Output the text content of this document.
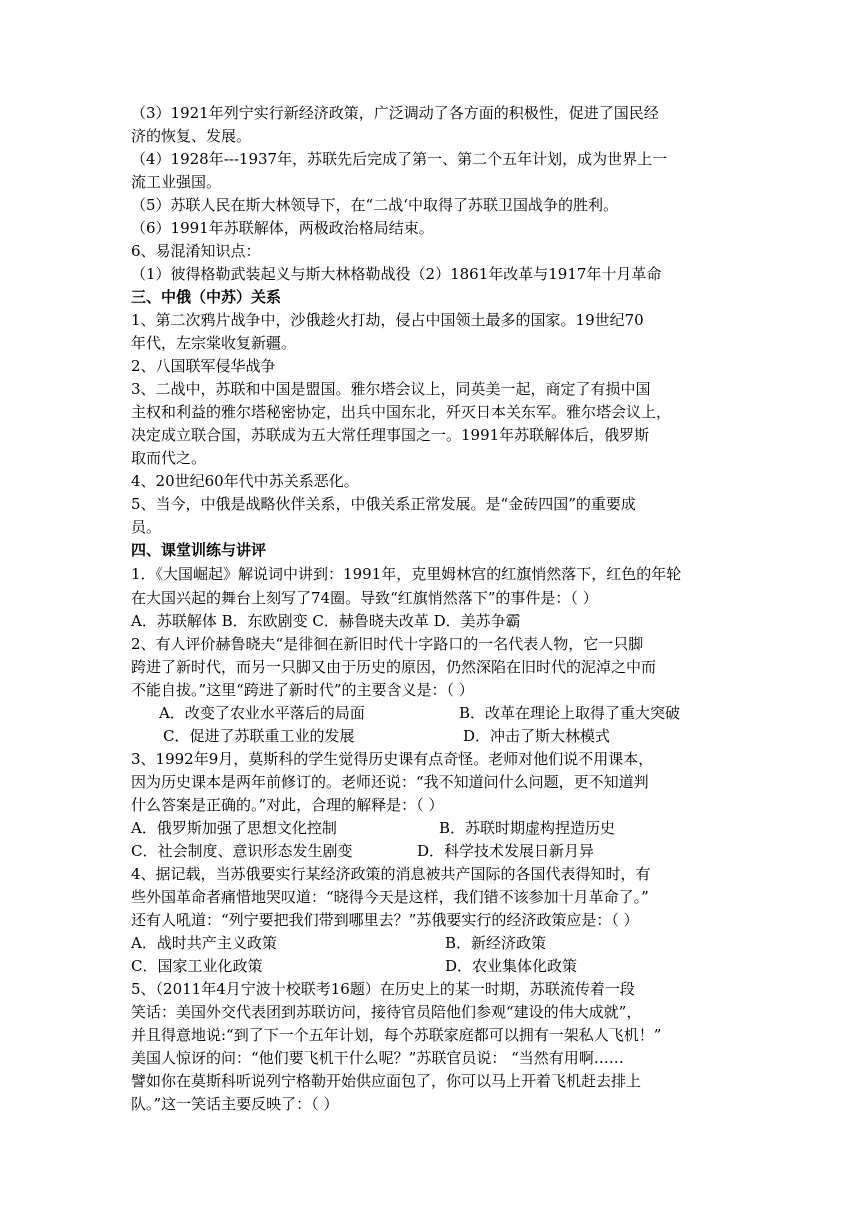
（3）1921年列宁实行新经济政策，广泛调动了各方面的积极性，促进了国民经
济的恢复、发展。
（4）1928年---1937年，苏联先后完成了第一、第二个五年计划，成为世界上一
流工业强国。
（5）苏联人民在斯大林领导下，在“二战‘中取得了苏联卫国战争的胜利。
（6）1991年苏联解体，两极政治格局结束。
6、易混淆知识点：
（1）彼得格勒武装起义与斯大林格勒战役（2）1861年改革与1917年十月革命
三、中俄（中苏）关系
1、第二次鸦片战争中，沙俄趁火打劫，侵占中国领土最多的国家。19世纪70
年代，左宗棠收复新疆。
2、八国联军侵华战争
3、二战中，苏联和中国是盟国。雅尔塔会议上，同英美一起，商定了有损中国
主权和利益的雅尔塔秘密协定，出兵中国东北，歼灭日本关东军。雅尔塔会议上，
决定成立联合国，苏联成为五大常任理事国之一。1991年苏联解体后，俄罗斯
取而代之。
4、20世纪60年代中苏关系恶化。
5、当今，中俄是战略伙伴关系，中俄关系正常发展。是“金砖四国”的重要成
员。
四、课堂训练与讲评
1．《大国崛起》解说词中讲到：1991年，克里姆林宫的红旗悄然落下，红色的年轮
在大国兴起的舞台上刻写了74圈。导致“红旗悄然落下”的事件是：（ ）
A．苏联解体 B．东欧剧变 C．赫鲁晓夫改革 D．美苏争霸
2、有人评价赫鲁晓夫“是徘徊在新旧时代十字路口的一名代表人物，它一只脚
跨进了新时代，而另一只脚又由于历史的原因，仍然深陷在旧时代的泥淖之中而
不能自拔。”这里“跨进了新时代”的主要含义是：（ ）
A．改变了农业水平落后的局面	B．改革在理论上取得了重大突破
C．促进了苏联重工业的发展	D．冲击了斯大林模式
3、1992年9月，莫斯科的学生觉得历史课有点奇怪。老师对他们说不用课本，
因为历史课本是两年前修订的。老师还说：“我不知道问什么问题，更不知道判
什么答案是正确的。”对此，合理的解释是：（ ）
A．俄罗斯加强了思想文化控制	B．苏联时期虚构捏造历史
C．社会制度、意识形态发生剧变	D．科学技术发展日新月异
4、据记载，当苏俄要实行某经济政策的消息被共产国际的各国代表得知时，有
些外国革命者痛惜地哭叹道：“晓得今天是这样，我们错不该参加十月革命了。”
还有人吼道：“列宁要把我们带到哪里去？”苏俄要实行的经济政策应是：（ ）
A．战时共产主义政策	B．新经济政策
C．国家工业化政策	D．农业集体化政策
5、（2011年4月宁波十校联考16题）在历史上的某一时期，苏联流传着一段
笑话：美国外交代表团到苏联访问，接待官员陪他们参观“建设的伟大成就”，
并且得意地说:“到了下一个五年计划，每个苏联家庭都可以拥有一架私人飞机！”
美国人惊讶的问：“他们要飞机干什么呢？”苏联官员说： “当然有用啊……
譬如你在莫斯科听说列宁格勒开始供应面包了，你可以马上开着飞机赶去排上
队。”这一笑话主要反映了：（ ）
